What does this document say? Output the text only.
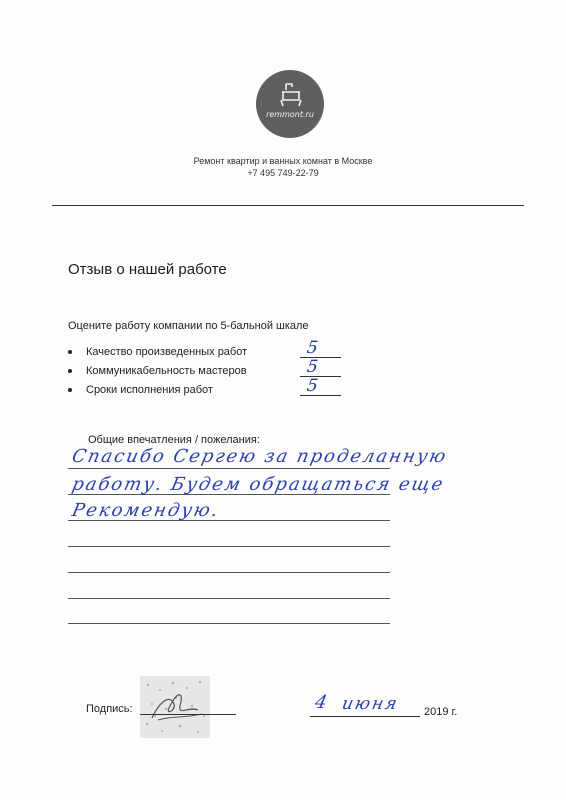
remmont.ru
Ремонт квартир и ванных комнат в Москве
+7 495 749-22-79
Отзыв о нашей работе
Оцените работу компании по 5-бальной шкале
Качество произведенных работ
Коммуникабельность мастеров
Сроки исполнения работ
5
5
5
Общие впечатления / пожелания:
Спасибо Сергею за проделанную
работу. Будем обращаться еще
Рекомендую.
Подпись:	4 июня 2019 г.
